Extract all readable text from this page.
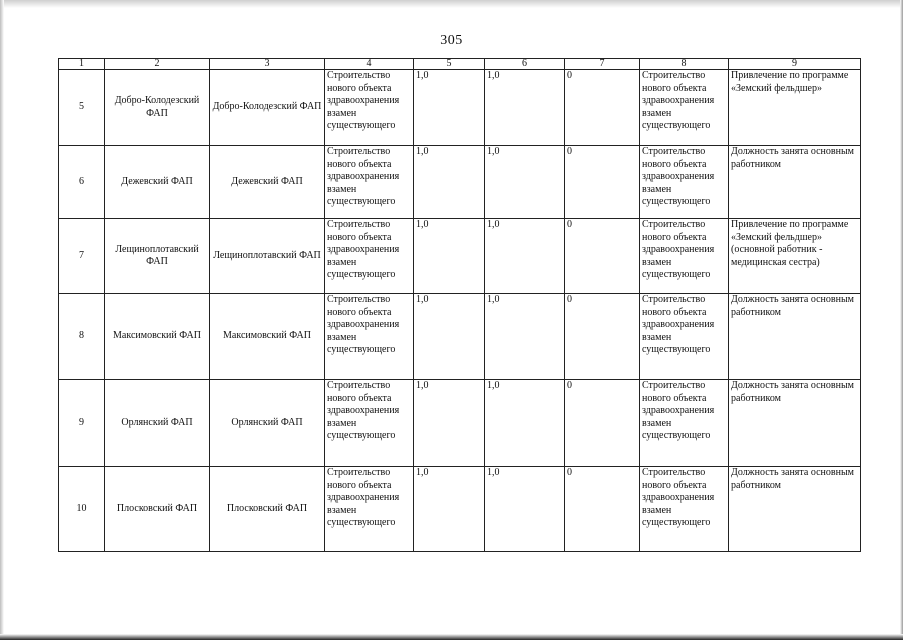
305
1	2	3	4	5	6	7	8	9
5	Добро-Колодезский ФАП	Добро-Колодезский ФАП	Строительство нового объекта здравоохранения взамен существующего	1,0	1,0	0	Строительство нового объекта здравоохранения взамен существующего	Привлечение по программе «Земский фельдшер»
6	Дежевский ФАП	Дежевский ФАП	Строительство нового объекта здравоохранения взамен существующего	1,0	1,0	0	Строительство нового объекта здравоохранения взамен существующего	Должность занята основным работником
7	Лещиноплотавский ФАП	Лещиноплотавский ФАП	Строительство нового объекта здравоохранения взамен существующего	1,0	1,0	0	Строительство нового объекта здравоохранения взамен существующего	Привлечение по программе «Земский фельдшер» (основной работник - медицинская сестра)
8	Максимовский ФАП	Максимовский ФАП	Строительство нового объекта здравоохранения взамен существующего	1,0	1,0	0	Строительство нового объекта здравоохранения взамен существующего	Должность занята основным работником
9	Орлянский ФАП	Орлянский ФАП	Строительство нового объекта здравоохранения взамен существующего	1,0	1,0	0	Строительство нового объекта здравоохранения взамен существующего	Должность занята основным работником
10	Плосковский ФАП	Плосковский ФАП	Строительство нового объекта здравоохранения взамен существующего	1,0	1,0	0	Строительство нового объекта здравоохранения взамен существующего	Должность занята основным работником
